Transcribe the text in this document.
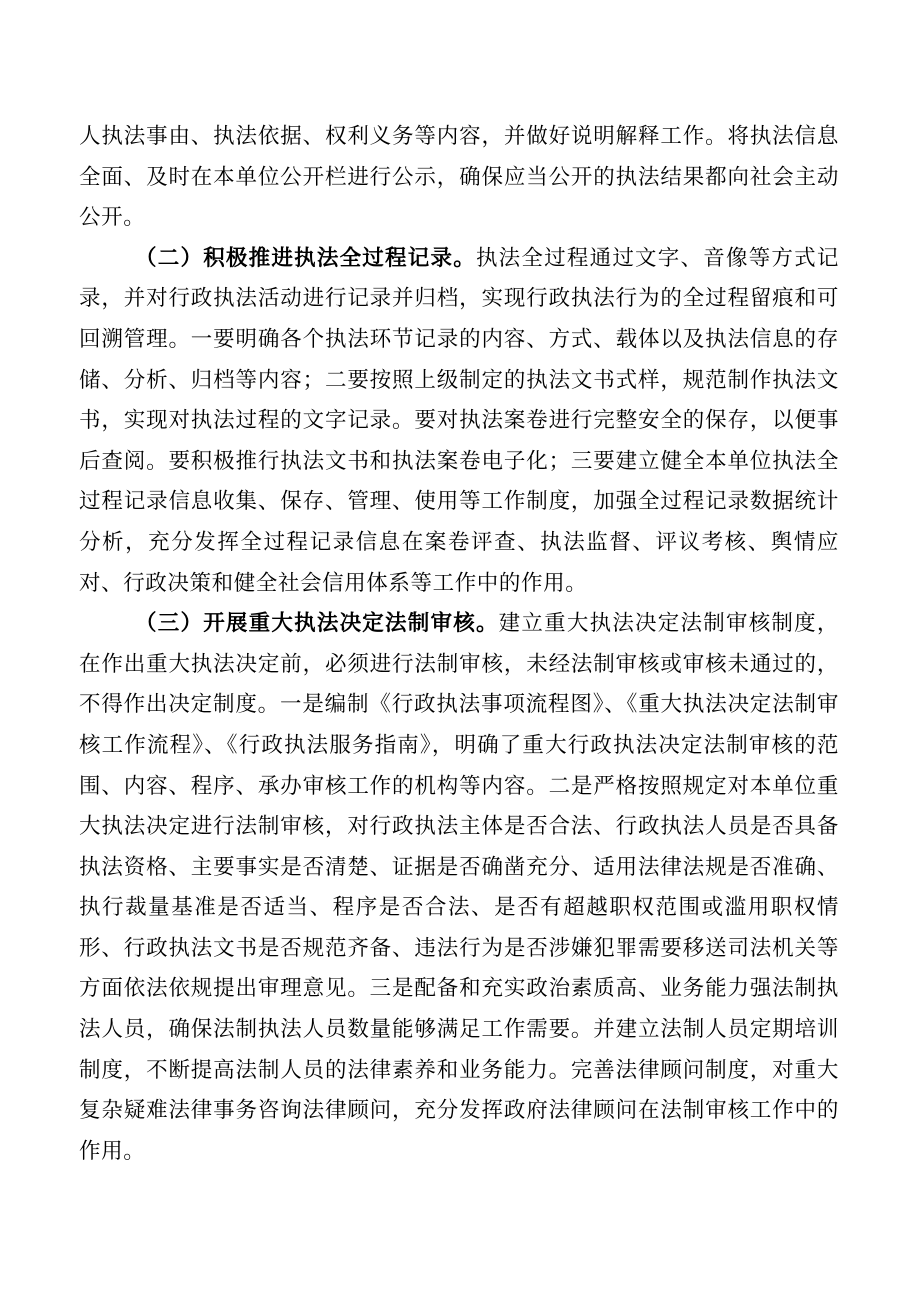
人执法事由、执法依据、权利义务等内容，并做好说明解释工作。将执法信息全面、及时在本单位公开栏进行公示，确保应当公开的执法结果都向社会主动公开。

（二）积极推进执法全过程记录。执法全过程通过文字、音像等方式记录，并对行政执法活动进行记录并归档，实现行政执法行为的全过程留痕和可回溯管理。一要明确各个执法环节记录的内容、方式、载体以及执法信息的存储、分析、归档等内容；二要按照上级制定的执法文书式样，规范制作执法文书，实现对执法过程的文字记录。要对执法案卷进行完整安全的保存，以便事后查阅。要积极推行执法文书和执法案卷电子化；三要建立健全本单位执法全过程记录信息收集、保存、管理、使用等工作制度，加强全过程记录数据统计分析，充分发挥全过程记录信息在案卷评查、执法监督、评议考核、舆情应对、行政决策和健全社会信用体系等工作中的作用。

（三）开展重大执法决定法制审核。建立重大执法决定法制审核制度，在作出重大执法决定前，必须进行法制审核，未经法制审核或审核未通过的，不得作出决定制度。一是编制《行政执法事项流程图》、《重大执法决定法制审核工作流程》、《行政执法服务指南》，明确了重大行政执法决定法制审核的范围、内容、程序、承办审核工作的机构等内容。二是严格按照规定对本单位重大执法决定进行法制审核，对行政执法主体是否合法、行政执法人员是否具备执法资格、主要事实是否清楚、证据是否确凿充分、适用法律法规是否准确、执行裁量基准是否适当、程序是否合法、是否有超越职权范围或滥用职权情形、行政执法文书是否规范齐备、违法行为是否涉嫌犯罪需要移送司法机关等方面依法依规提出审理意见。三是配备和充实政治素质高、业务能力强法制执法人员，确保法制执法人员数量能够满足工作需要。并建立法制人员定期培训制度，不断提高法制人员的法律素养和业务能力。完善法律顾问制度，对重大复杂疑难法律事务咨询法律顾问，充分发挥政府法律顾问在法制审核工作中的作用。
